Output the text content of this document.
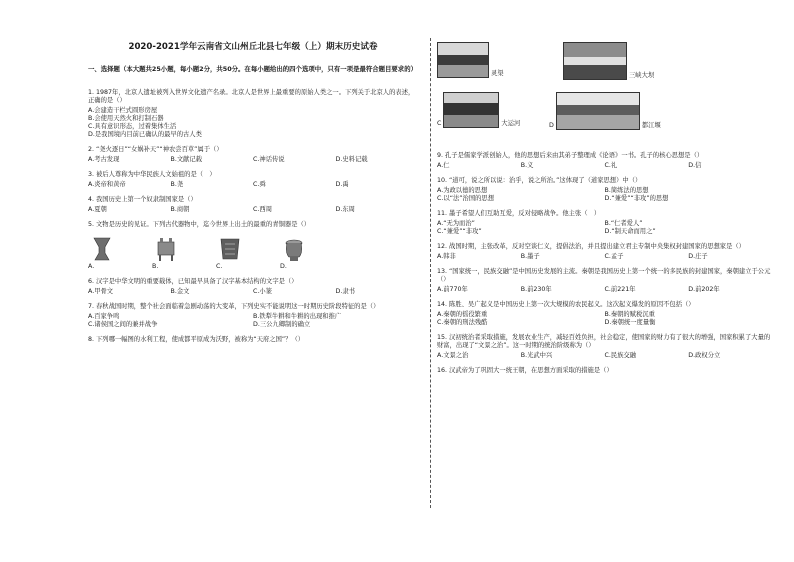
2020-2021学年云南省文山州丘北县七年级（上）期末历史试卷
一、选择题（本大题共25小题，每小题2分，共50分。在每小题给出的四个选项中，只有一项是最符合题目要求的）
1. 1987年，北京人遗址被列入世界文化遗产名录。北京人是世界上最重要的原始人类之一。下列关于北京人的表述，正确的是（）
A.会建造干栏式圆形房屋
B.会使用天然火和打制石器
C.具有意识形态，过着集体生活
D.是我国境内目前已确认的最早的古人类
2. “尧火逐日”“女娲补天”“神农尝百草”属于（）
A.考古发现	B.文献记载	C.神话传说	D.史料记载
3. 被后人尊称为中华民族人文始祖的是（　）
A.炎帝和黄帝	B.尧	C.舜	D.禹
4. 我国历史上第一个奴隶制国家是（）
A.夏朝	B.商朝	C.西周	D.东周
5. 文物是历史的见证。下列古代器物中，迄今世界上出土的最重的青铜器是（）
A.	B.	C.	D.
6. 汉字是中华文明的重要载体，已知最早具备了汉字基本结构的文字是（）
A.甲骨文	B.金文	C.小篆	D.隶书
7. 春秋战国时期，整个社会面临着急剧动荡的大变革，下列史实不能说明这一时期历史阶段特征的是（）
A.百家争鸣	B.铁犁牛耕和牛耕的出现和推广
C.诸侯国之间的兼并战争	D.三公九卿制的确立
8. 下列哪一幅图的水利工程，使成都平原成为沃野，被称为“天府之国”？（）
灵渠	三峡大坝
C	大运河	D	都江堰
9. 孔子是儒家学派创始人，他的思想后来由其弟子整理成《论语》一书。孔子的核心思想是（）
A.仁	B.义	C.礼	D.信
10. “道可，说之所以说：治乎，说之所治。”这体现了（道家思想）中（）
A.为政以德的思想	B.简练法的思想
C.以“法”治国的思想	D.“兼爱”“非攻”的思想
11. 墨子希望人们互助互爱，反对侵略战争。他主张（　）
A.“无为而治”	B.“仁者爱人”
C.“兼爱”“非攻”	D.“制天命而用之”
12. 战国时期，主张改革，反对空谈仁义，提倡法治，并且提出建立君主专制中央集权封建国家的思想家是（）
A.韩非	B.墨子	C.孟子	D.庄子
13. “国家统一，民族交融”是中国历史发展的主流。秦朝是我国历史上第一个统一的多民族的封建国家，秦朝建立于公元（）
A.前770年	B.前230年	C.前221年	D.前202年
14. 陈胜、吴广起义是中国历史上第一次大规模的农民起义。这次起义爆发的原因不包括（）
A.秦朝的徭役繁重	B.秦朝的赋税沉重
C.秦朝的刑法残酷	D.秦朝统一度量衡
15. 汉初统治者采取措施，发展农业生产，减轻百姓负担，社会稳定，使国家的财力有了很大的增强，国家积累了大量的财富，出现了“文景之治”。这一时期的统治阶级称为（）
A.文景之治	B.光武中兴	C.民族交融	D.政权分立
16. 汉武帝为了巩固大一统王朝，在思想方面采取的措施是（）
